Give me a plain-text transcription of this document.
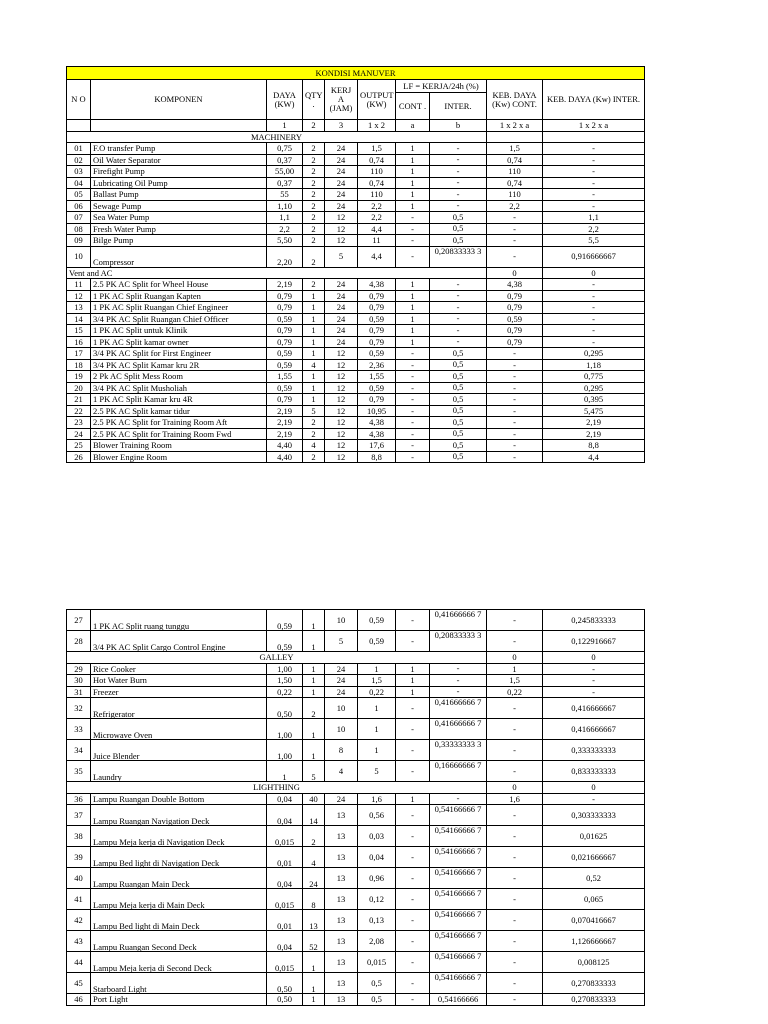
KONDISI MANUVER									
N O	KOMPONEN	DAYA (KW)	QTY .	KERJ A (JAM)	OUTPUT (KW)	LF = KERJA/24h (%)		KEB. DAYA (Kw) CONT.	KEB. DAYA (Kw) INTER.
						CONT .	INTER.		
		1	2	3	1 x 2	a	b	1 x 2 x a	1 x 2 x a
MACHINERY									
01	F.O transfer Pump	0,75	2	24	1,5	1	-	1,5	-
02	Oil Water Separator	0,37	2	24	0,74	1	-	0,74	-
03	Firefight Pump	55,00	2	24	110	1	-	110	-
04	Lubricating Oil Pump	0,37	2	24	0,74	1	-	0,74	-
05	Ballast Pump	55	2	24	110	1	-	110	-
06	Sewage Pump	1,10	2	24	2,2	1	-	2,2	-
07	Sea Water Pump	1,1	2	12	2,2	-	0,5	-	1,1
08	Fresh Water Pump	2,2	2	12	4,4	-	0,5	-	2,2
09	Bilge Pump	5,50	2	12	11	-	0,5	-	5,5
10	Compressor	2,20	2	5	4,4	-	0,20833333 3	-	0,916666667
Vent and AC								0	0
11	2.5 PK AC Split for Wheel House	2,19	2	24	4,38	1	-	4,38	-
12	1 PK AC Split Ruangan Kapten	0,79	1	24	0,79	1	-	0,79	-
13	1 PK AC Split Ruangan Chief Engineer	0,79	1	24	0,79	1	-	0,79	-
14	3/4 PK AC Split Ruangan Chief Officer	0,59	1	24	0,59	1	-	0,59	-
15	1 PK AC Split untuk Klinik	0,79	1	24	0,79	1	-	0,79	-
16	1 PK AC Split kamar owner	0,79	1	24	0,79	1	-	0,79	-
17	3/4 PK AC Split for First Engineer	0,59	1	12	0,59	-	0,5	-	0,295
18	3/4 PK AC Split Kamar kru 2R	0,59	4	12	2,36	-	0,5	-	1,18
19	2 Pk AC Split Mess Room	1,55	1	12	1,55	-	0,5	-	0,775
20	3/4 PK AC Split Musholiah	0,59	1	12	0,59	-	0,5	-	0,295
21	1 PK AC Split Kamar kru 4R	0,79	1	12	0,79	-	0,5	-	0,395
22	2.5 PK AC Split kamar tidur	2,19	5	12	10,95	-	0,5	-	5,475
23	2.5 PK AC Split for Training Room Aft	2,19	2	12	4,38	-	0,5	-	2,19
24	2.5 PK AC Split for Training Room Fwd	2,19	2	12	4,38	-	0,5	-	2,19
25	Blower Training Room	4,40	4	12	17,6	-	0,5	-	8,8
26	Blower Engine Room	4,40	2	12	8,8	-	0,5	-	4,4
27	1 PK AC Split ruang tunggu	0,59	1	10	0,59	-	0,41666666 7	-	0,245833333
28	3/4 PK AC Split Cargo Control Engine	0,59	1	5	0,59	-	0,20833333 3	-	0,122916667
GALLEY								0	0
29	Rice Cooker	1,00	1	24	1	1	-	1	-
30	Hot Water Burn	1,50	1	24	1,5	1	-	1,5	-
31	Freezer	0,22	1	24	0,22	1	-	0,22	-
32	Refrigerator	0,50	2	10	1	-	0,41666666 7	-	0,416666667
33	Microwave Oven	1,00	1	10	1	-	0,41666666 7	-	0,416666667
34	Juice Blender	1,00	1	8	1	-	0,33333333 3	-	0,333333333
35	Laundry	1	5	4	5	-	0,16666666 7	-	0,833333333
LIGHTHING								0	0
36	Lampu Ruangan Double Bottom	0,04	40	24	1,6	1	-	1,6	-
37	Lampu Ruangan Navigation Deck	0,04	14	13	0,56	-	0,54166666 7	-	0,303333333
38	Lampu Meja kerja di Navigation Deck	0,015	2	13	0,03	-	0,54166666 7	-	0,01625
39	Lampu Bed light di Navigation Deck	0,01	4	13	0,04	-	0,54166666 7	-	0,021666667
40	Lampu Ruangan Main Deck	0,04	24	13	0,96	-	0,54166666 7	-	0,52
41	Lampu Meja kerja di Main Deck	0,015	8	13	0,12	-	0,54166666 7	-	0,065
42	Lampu Bed light di Main Deck	0,01	13	13	0,13	-	0,54166666 7	-	0,070416667
43	Lampu Ruangan Second Deck	0,04	52	13	2,08	-	0,54166666 7	-	1,126666667
44	Lampu Meja kerja di Second Deck	0,015	1	13	0,015	-	0,54166666 7	-	0,008125
45	Starboard Light	0,50	1	13	0,5	-	0,54166666 7	-	0,270833333
46	Port Light	0,50	1	13	0,5	-	0,54166666	-	0,270833333
